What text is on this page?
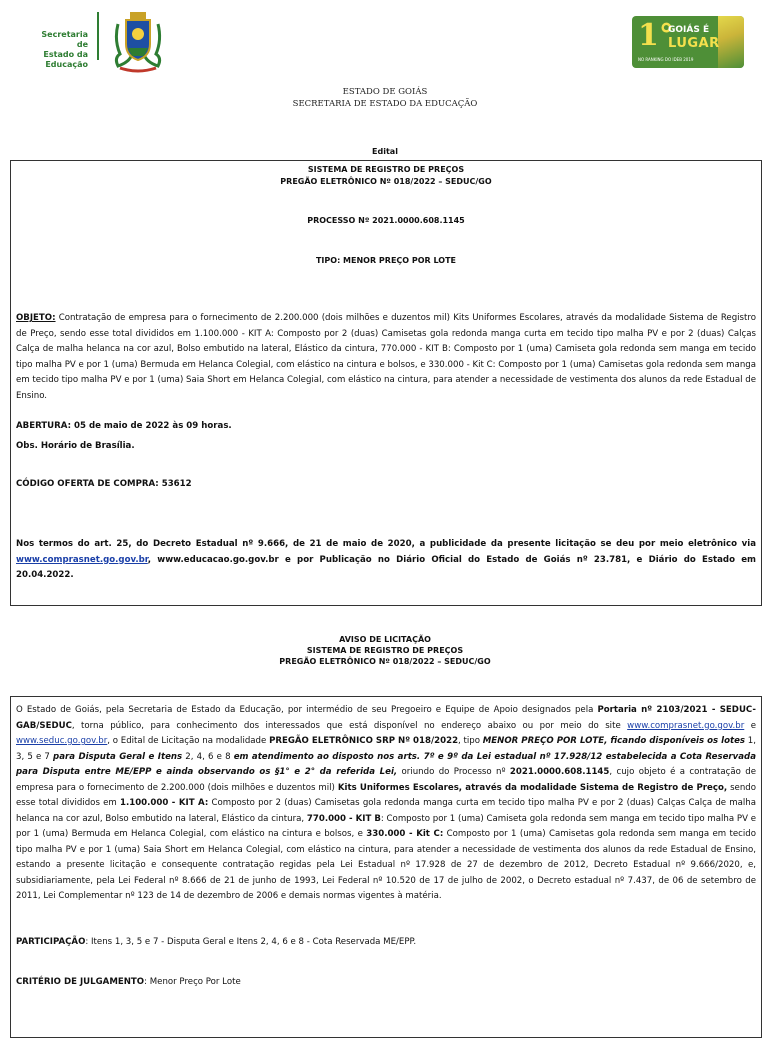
Secretaria de
Estado da
Educação
1°
GOIÁS É
LUGAR
NO RANKING DO IDEB 2019
ESTADO DE GOIÁS
SECRETARIA DE ESTADO DA EDUCAÇÃO
Edital
SISTEMA DE REGISTRO DE PREÇOS
PREGÃO ELETRÔNICO Nº 018/2022 – SEDUC/GO
PROCESSO Nº 2021.0000.608.1145
TIPO: MENOR PREÇO POR LOTE
OBJETO: Contratação de empresa para o fornecimento de 2.200.000 (dois milhões e duzentos mil) Kits Uniformes Escolares, através da modalidade Sistema de Registro de Preço, sendo esse total divididos em 1.100.000 - KIT A: Composto por 2 (duas) Camisetas gola redonda manga curta em tecido tipo malha PV e por 2 (duas) Calças Calça de malha helanca na cor azul, Bolso embutido na lateral, Elástico da cintura, 770.000 - KIT B: Composto por 1 (uma) Camiseta gola redonda sem manga em tecido tipo malha PV e por 1 (uma) Bermuda em Helanca Colegial, com elástico na cintura e bolsos, e 330.000 - Kit C: Composto por 1 (uma) Camisetas gola redonda sem manga em tecido tipo malha PV e por 1 (uma) Saia Short em Helanca Colegial, com elástico na cintura, para atender a necessidade de vestimenta dos alunos da rede Estadual de Ensino.
ABERTURA: 05 de maio de 2022 às 09 horas.
Obs. Horário de Brasília.
CÓDIGO OFERTA DE COMPRA: 53612
Nos termos do art. 25, do Decreto Estadual nº 9.666, de 21 de maio de 2020, a publicidade da presente licitação se deu por meio eletrônico via www.comprasnet.go.gov.br, www.educacao.go.gov.br e por Publicação no Diário Oficial do Estado de Goiás nº 23.781, e Diário do Estado em 20.04.2022.
AVISO DE LICITAÇÃO
SISTEMA DE REGISTRO DE PREÇOS
PREGÃO ELETRÔNICO Nº 018/2022 – SEDUC/GO
O Estado de Goiás, pela Secretaria de Estado da Educação, por intermédio de seu Pregoeiro e Equipe de Apoio designados pela Portaria nº 2103/2021 - SEDUC-GAB/SEDUC, torna público, para conhecimento dos interessados que está disponível no endereço abaixo ou por meio do site www.comprasnet.go.gov.br e www.seduc.go.gov.br, o Edital de Licitação na modalidade PREGÃO ELETRÔNICO SRP Nº 018/2022, tipo MENOR PREÇO POR LOTE, ficando disponíveis os lotes 1, 3, 5 e 7 para Disputa Geral e Itens 2, 4, 6 e 8 em atendimento ao disposto nos arts. 7º e 9º da Lei estadual nº 17.928/12 estabelecida a Cota Reservada para Disputa entre ME/EPP e ainda observando os §1° e 2° da referida Lei, oriundo do Processo nº 2021.0000.608.1145, cujo objeto é a contratação de empresa para o fornecimento de 2.200.000 (dois milhões e duzentos mil) Kits Uniformes Escolares, através da modalidade Sistema de Registro de Preço, sendo esse total divididos em 1.100.000 - KIT A: Composto por 2 (duas) Camisetas gola redonda manga curta em tecido tipo malha PV e por 2 (duas) Calças Calça de malha helanca na cor azul, Bolso embutido na lateral, Elástico da cintura, 770.000 - KIT B: Composto por 1 (uma) Camiseta gola redonda sem manga em tecido tipo malha PV e por 1 (uma) Bermuda em Helanca Colegial, com elástico na cintura e bolsos, e 330.000 - Kit C: Composto por 1 (uma) Camisetas gola redonda sem manga em tecido tipo malha PV e por 1 (uma) Saia Short em Helanca Colegial, com elástico na cintura, para atender a necessidade de vestimenta dos alunos da rede Estadual de Ensino, estando a presente licitação e consequente contratação regidas pela Lei Estadual nº 17.928 de 27 de dezembro de 2012, Decreto Estadual nº 9.666/2020, e, subsidiariamente, pela Lei Federal nº 8.666 de 21 de junho de 1993, Lei Federal nº 10.520 de 17 de julho de 2002, o Decreto estadual nº 7.437, de 06 de setembro de 2011, Lei Complementar nº 123 de 14 de dezembro de 2006 e demais normas vigentes à matéria.
PARTICIPAÇÃO: Itens 1, 3, 5 e 7 - Disputa Geral e Itens 2, 4, 6 e 8 - Cota Reservada ME/EPP.
CRITÉRIO DE JULGAMENTO: Menor Preço Por Lote
